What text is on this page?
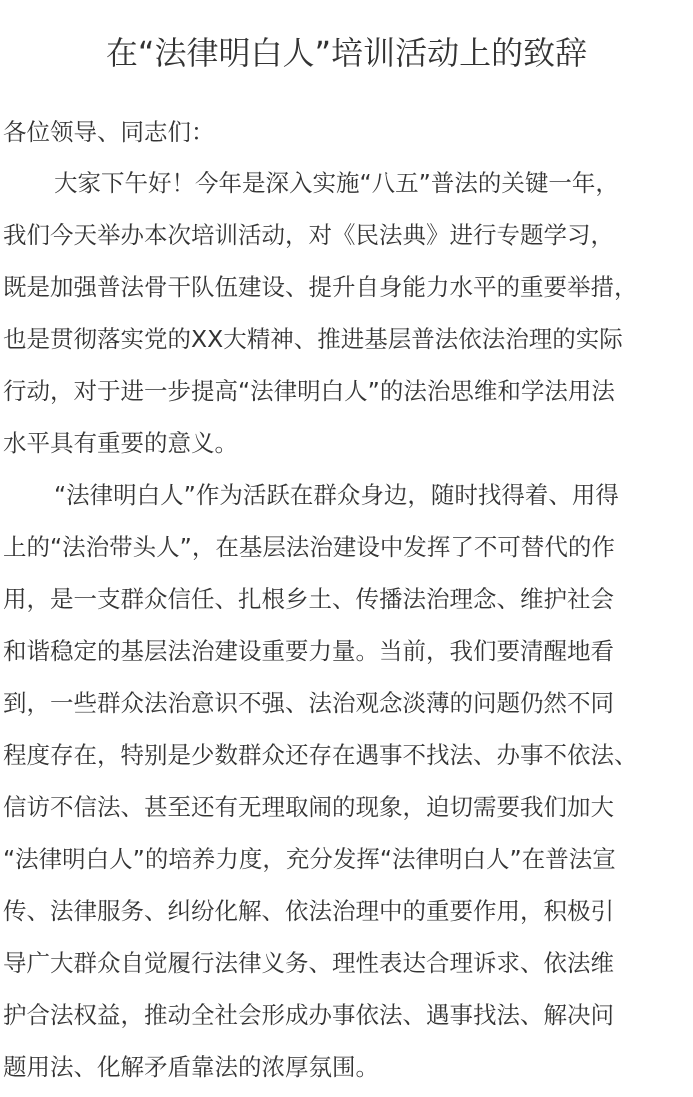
在“法律明白人”培训活动上的致辞

各位领导、同志们：

大家下午好！今年是深入实施“八五”普法的关键一年，
我们今天举办本次培训活动，对《民法典》进行专题学习，
既是加强普法骨干队伍建设、提升自身能力水平的重要举措，
也是贯彻落实党的XX大精神、推进基层普法依法治理的实际
行动，对于进一步提高“法律明白人”的法治思维和学法用法
水平具有重要的意义。

“法律明白人”作为活跃在群众身边，随时找得着、用得
上的“法治带头人”，在基层法治建设中发挥了不可替代的作
用，是一支群众信任、扎根乡土、传播法治理念、维护社会
和谐稳定的基层法治建设重要力量。当前，我们要清醒地看
到，一些群众法治意识不强、法治观念淡薄的问题仍然不同
程度存在，特别是少数群众还存在遇事不找法、办事不依法、
信访不信法、甚至还有无理取闹的现象，迫切需要我们加大
“法律明白人”的培养力度，充分发挥“法律明白人”在普法宣
传、法律服务、纠纷化解、依法治理中的重要作用，积极引
导广大群众自觉履行法律义务、理性表达合理诉求、依法维
护合法权益，推动全社会形成办事依法、遇事找法、解决问
题用法、化解矛盾靠法的浓厚氛围。
